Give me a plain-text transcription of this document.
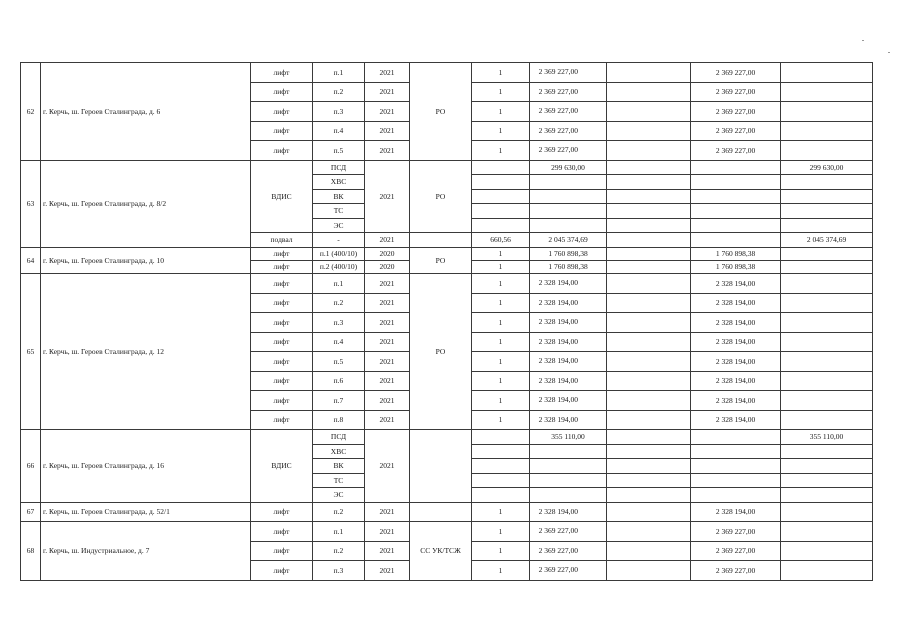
62	г. Керчь, ш. Героев Сталинграда, д. 6	лифт	п.1	2021	РО	1	2 369 227,00		2 369 227,00	
		лифт	п.2	2021		1	2 369 227,00		2 369 227,00	
		лифт	п.3	2021		1	2 369 227,00		2 369 227,00	
		лифт	п.4	2021		1	2 369 227,00		2 369 227,00	
		лифт	п.5	2021		1	2 369 227,00		2 369 227,00	
63	г. Керчь, ш. Героев Сталинграда, д. 8/2	ВДИС	ПСД	2021	РО		299 630,00			299 630,00
			ХВС							
			ВК							
			ТС							
			ЭС							
		подвал	-	2021		660,56	2 045 374,69			2 045 374,69
64	г. Керчь, ш. Героев Сталинграда, д. 10	лифт	п.1 (400/10)	2020	РО	1	1 760 898,38		1 760 898,38	
		лифт	п.2 (400/10)	2020		1	1 760 898,38		1 760 898,38	
65	г. Керчь, ш. Героев Сталинграда, д. 12	лифт	п.1	2021	РО	1	2 328 194,00		2 328 194,00	
		лифт	п.2	2021		1	2 328 194,00		2 328 194,00	
		лифт	п.3	2021		1	2 328 194,00		2 328 194,00	
		лифт	п.4	2021		1	2 328 194,00		2 328 194,00	
		лифт	п.5	2021		1	2 328 194,00		2 328 194,00	
		лифт	п.6	2021		1	2 328 194,00		2 328 194,00	
		лифт	п.7	2021		1	2 328 194,00		2 328 194,00	
		лифт	п.8	2021		1	2 328 194,00		2 328 194,00	
66	г. Керчь, ш. Героев Сталинграда, д. 16	ВДИС	ПСД	2021			355 110,00			355 110,00
			ХВС							
			ВК							
			ТС							
			ЭС							
67	г. Керчь, ш. Героев Сталинграда, д. 52/1	лифт	п.2	2021		1	2 328 194,00		2 328 194,00	
68	г. Керчь, ш. Индустриальное, д. 7	лифт	п.1	2021	СС УК/ТСЖ	1	2 369 227,00		2 369 227,00	
		лифт	п.2	2021		1	2 369 227,00		2 369 227,00	
		лифт	п.3	2021		1	2 369 227,00		2 369 227,00	
